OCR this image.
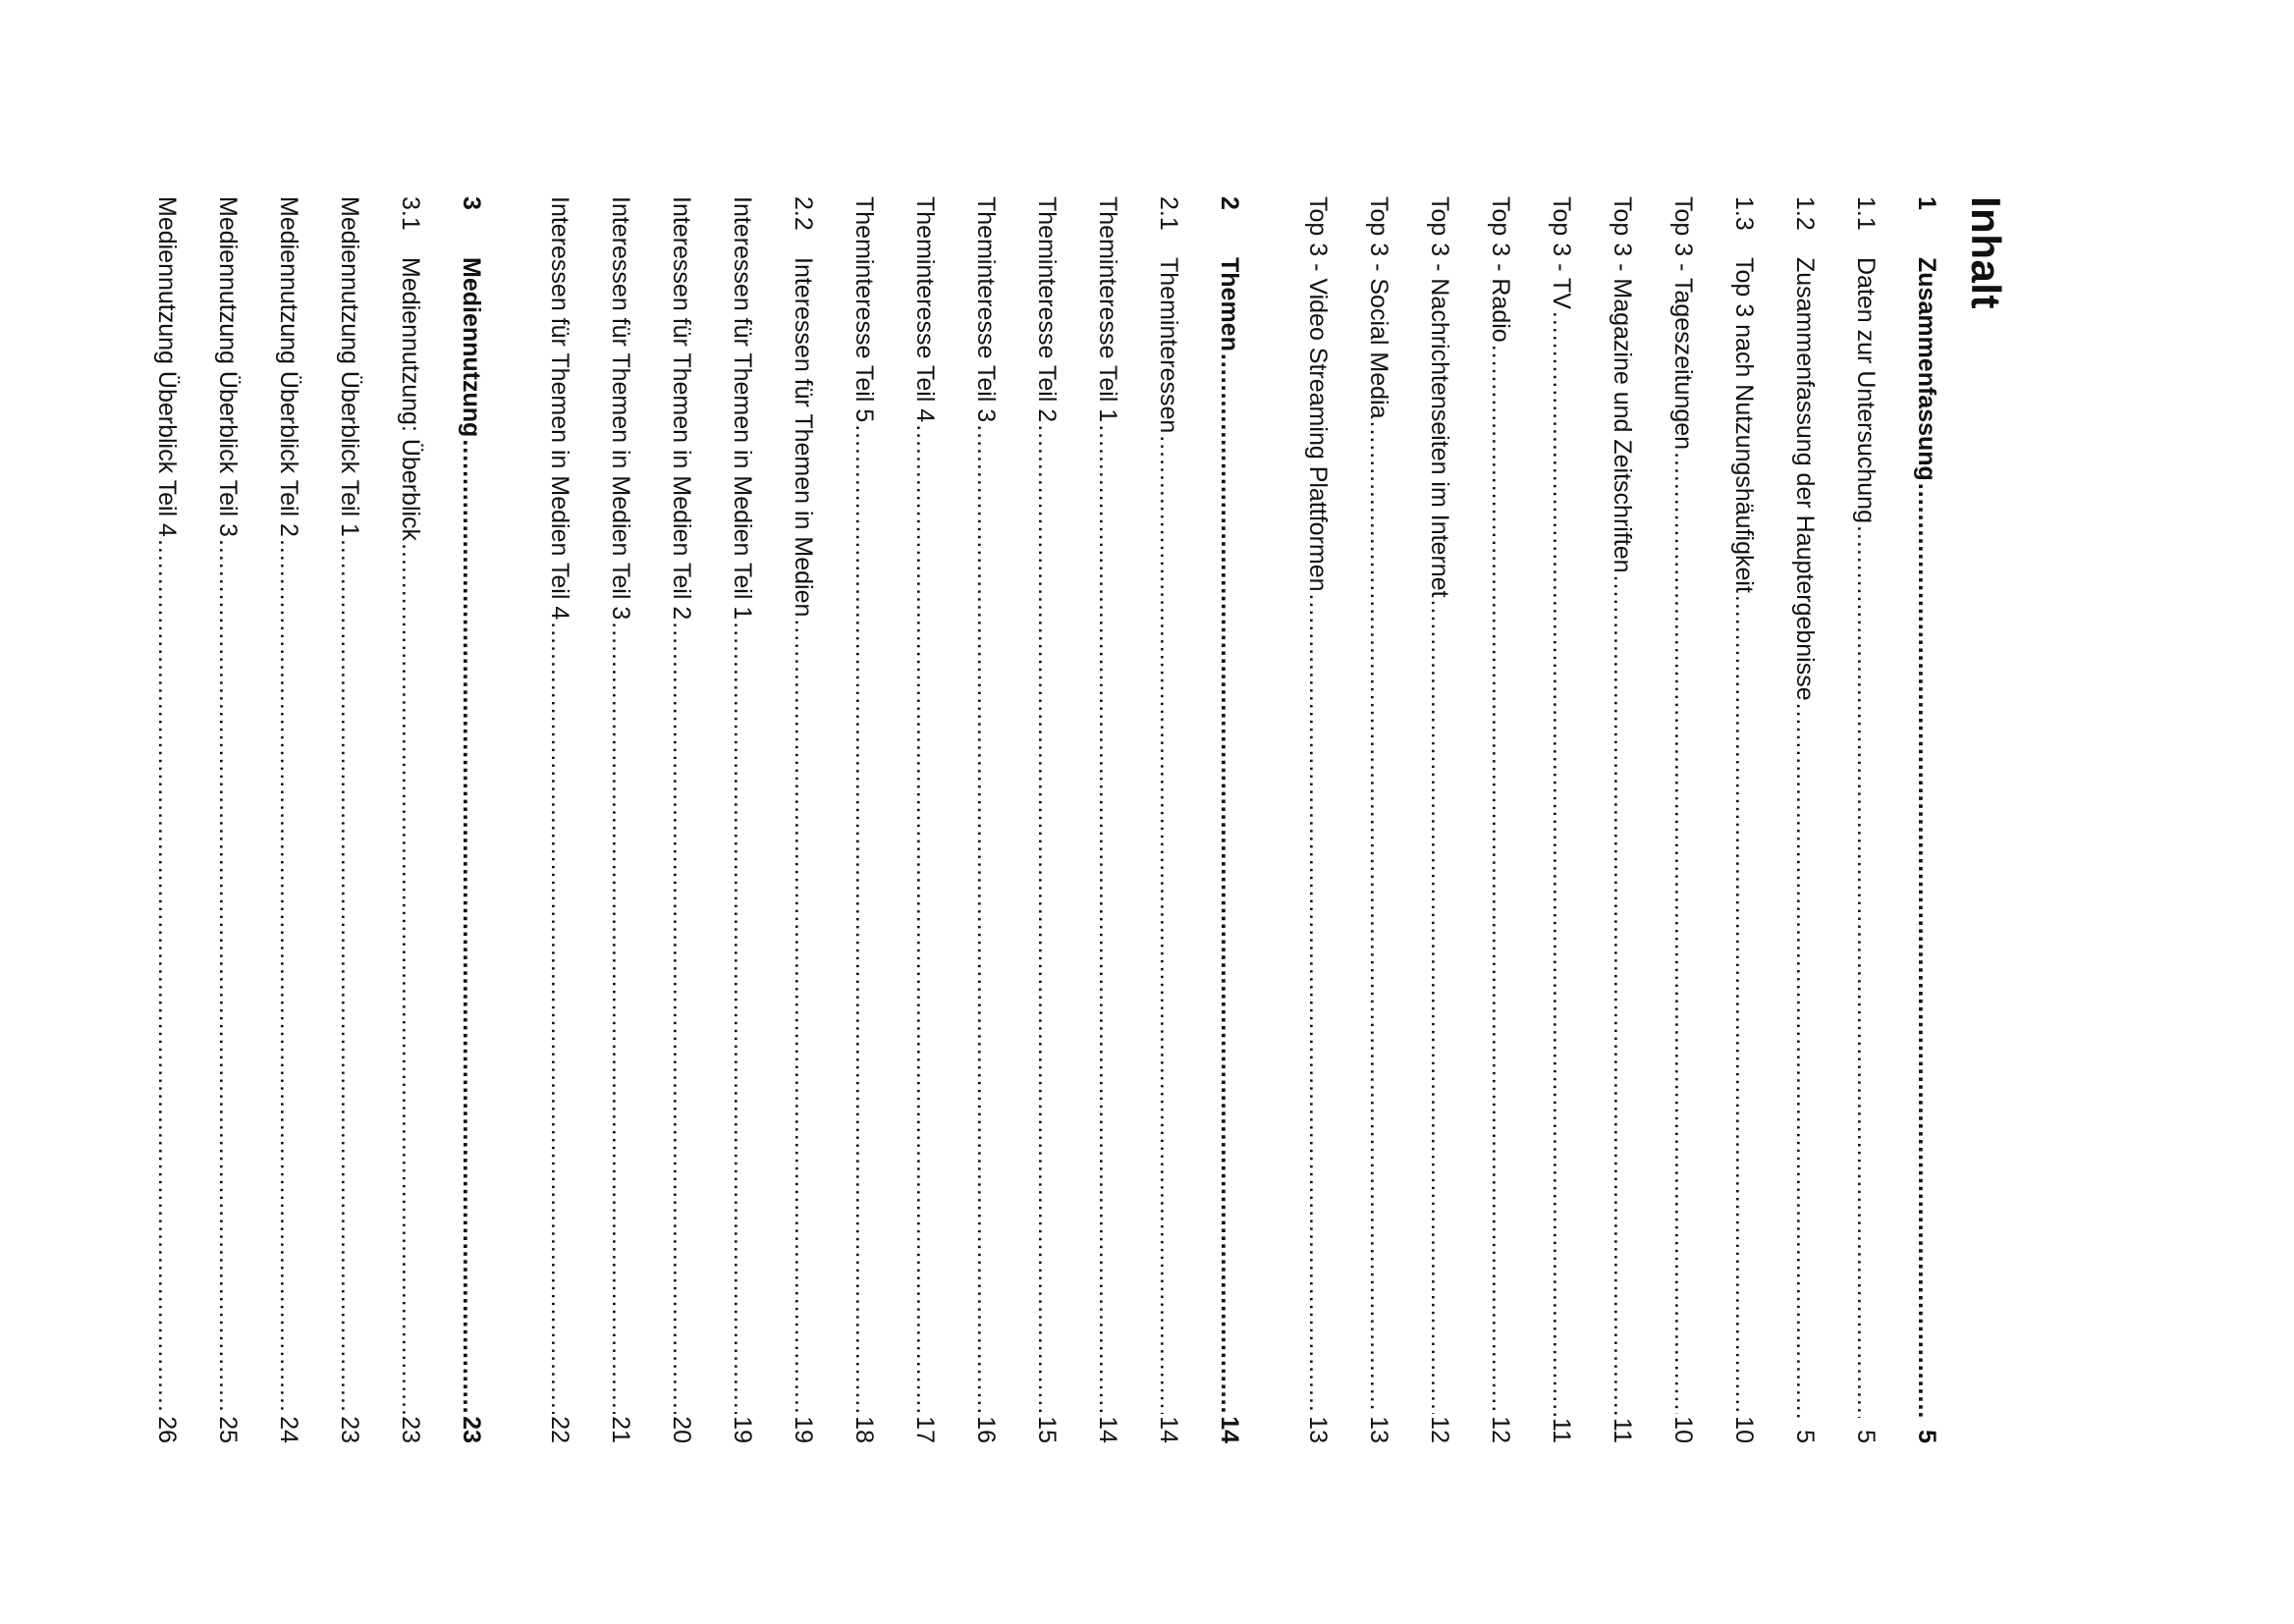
Inhalt
1
Zusammenfassung
.....
5
1.1
Daten zur Untersuchung
.....
5
1.2
Zusammenfassung der Hauptergebnisse
.....
5
1.3
Top 3 nach Nutzungshäufigkeit
.....
10
Top 3 - Tageszeitungen
.....
10
Top 3 - Magazine und Zeitschriften
.....
11
Top 3 - TV
.....
11
Top 3 - Radio
.....
12
Top 3 - Nachrichtenseiten im Internet
.....
12
Top 3 - Social Media
.....
13
Top 3 - Video Streaming Plattformen
.....
13
2
Themen
.....
14
2.1
Theminteressen
.....
14
Theminteresse Teil 1
.....
14
Theminteresse Teil 2
.....
15
Theminteresse Teil 3
.....
16
Theminteresse Teil 4
.....
17
Theminteresse Teil 5
.....
18
2.2
Interessen für Themen in Medien
.....
19
Interessen für Themen in Medien Teil 1
.....
19
Interessen für Themen in Medien Teil 2
.....
20
Interessen für Themen in Medien Teil 3
.....
21
Interessen für Themen in Medien Teil 4
.....
22
3
Mediennutzung
.....
23
3.1
Mediennutzung: Überblick
.....
23
Mediennutzung Überblick Teil 1
.....
23
Mediennutzung Überblick Teil 2
.....
24
Mediennutzung Überblick Teil 3
.....
25
Mediennutzung Überblick Teil 4
.....
26
